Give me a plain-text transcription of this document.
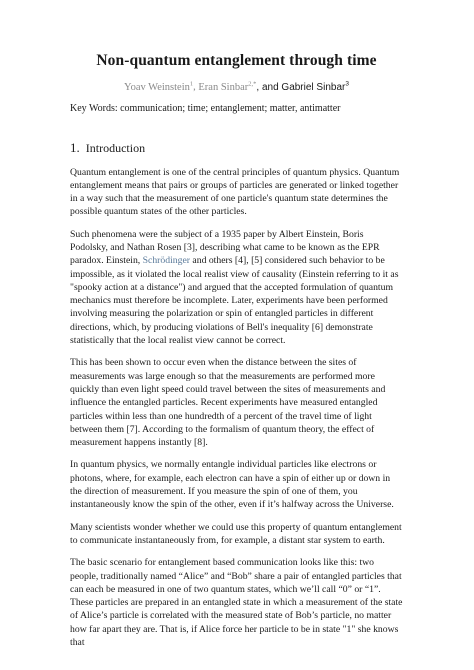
Non-quantum entanglement through time
Yoav Weinstein$^1$, Eran Sinbar$^{2,*}$, and Gabriel Sinbar$^3$
Key Words: communication; time; entanglement; matter, antimatter
1. Introduction

Quantum entanglement is one of the central principles of quantum physics. Quantum entanglement means that pairs or groups of particles are generated or linked together in a way such that the measurement of one particle's quantum state determines the possible quantum states of the other particles.

Such phenomena were the subject of a 1935 paper by Albert Einstein, Boris Podolsky, and Nathan Rosen [3], describing what came to be known as the EPR paradox. Einstein, Schrödinger and others [4], [5] considered such behavior to be impossible, as it violated the local realist view of causality (Einstein referring to it as "spooky action at a distance") and argued that the accepted formulation of quantum mechanics must therefore be incomplete. Later, experiments have been performed involving measuring the polarization or spin of entangled particles in different directions, which, by producing violations of Bell's inequality [6] demonstrate statistically that the local realist view cannot be correct.

This has been shown to occur even when the distance between the sites of measurements was large enough so that the measurements are performed more quickly than even light speed could travel between the sites of measurements and influence the entangled particles. Recent experiments have measured entangled particles within less than one hundredth of a percent of the travel time of light between them [7]. According to the formalism of quantum theory, the effect of measurement happens instantly [8].

In quantum physics, we normally entangle individual particles like electrons or photons, where, for example, each electron can have a spin of either up or down in the direction of measurement. If you measure the spin of one of them, you instantaneously know the spin of the other, even if it’s halfway across the Universe.

Many scientists wonder whether we could use this property of quantum entanglement to communicate instantaneously from, for example, a distant star system to earth.

The basic scenario for entanglement based communication looks like this: two people, traditionally named “Alice” and “Bob” share a pair of entangled particles that can each be measured in one of two quantum states, which we’ll call “0” or “1”. These particles are prepared in an entangled state in which a measurement of the state of Alice’s particle is correlated with the measured state of Bob’s particle, no matter how far apart they are. That is, if Alice force her particle to be in state "1" she knows that
